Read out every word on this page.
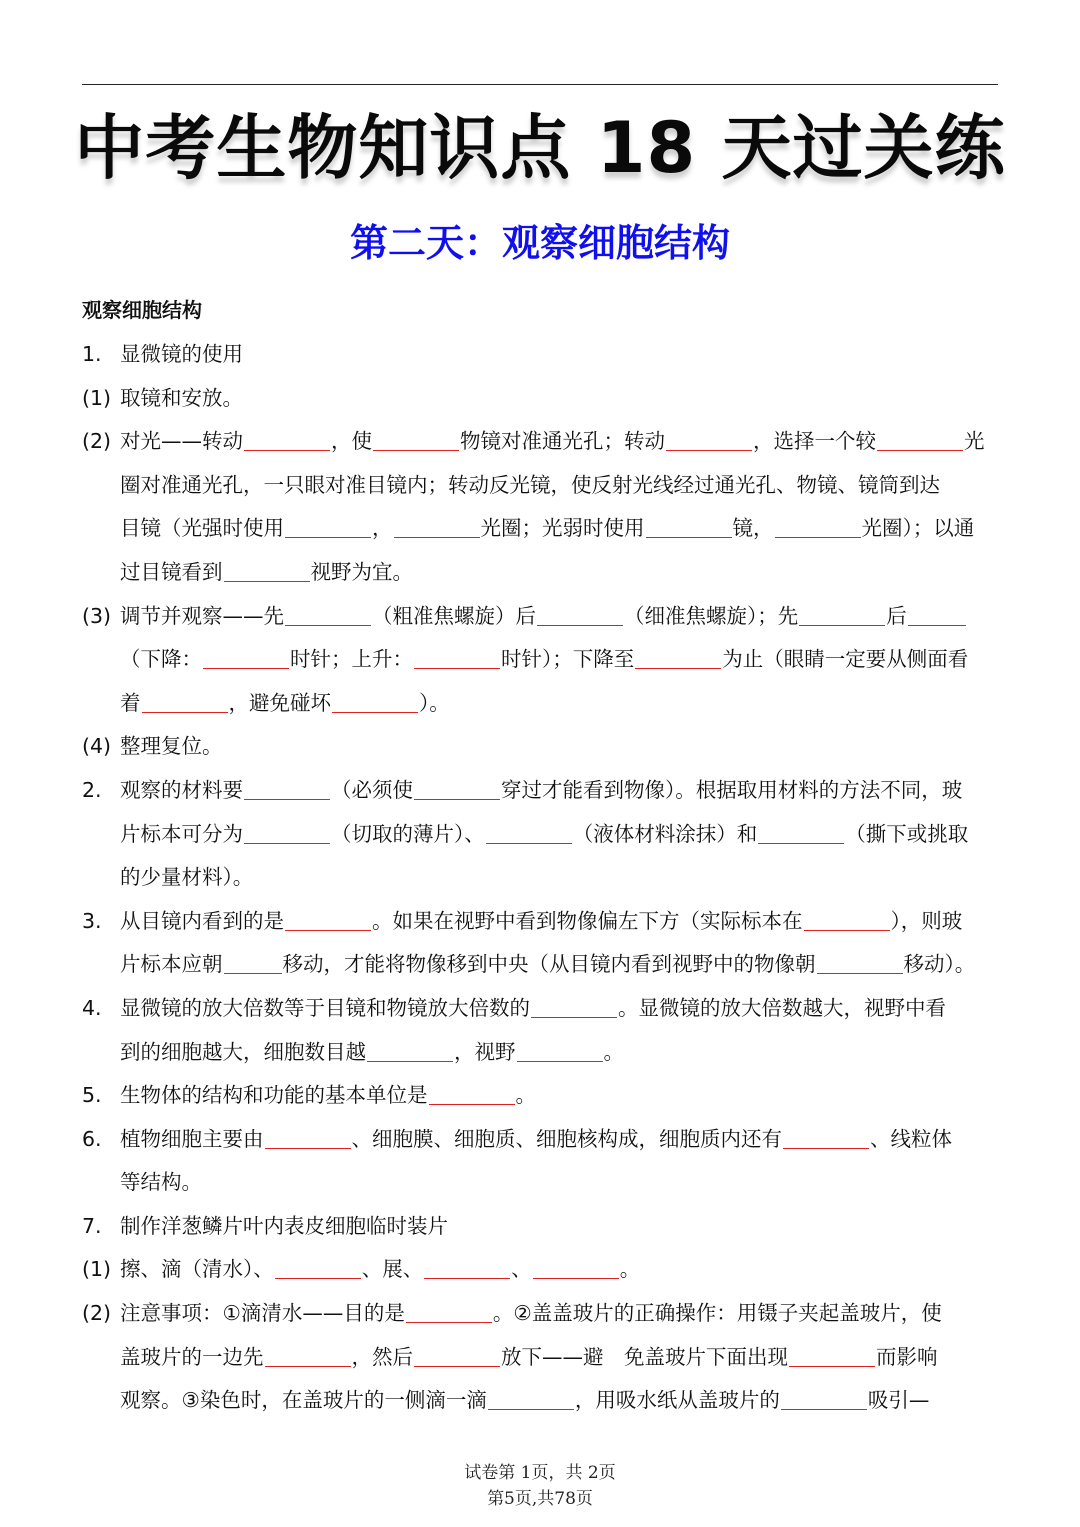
中考生物知识点 18 天过关练
第二天：观察细胞结构
观察细胞结构
1. 显微镜的使用
(1) 取镜和安放。
(2) 对光——转动	，使	物镜对准通光孔；转动	，选择一个较	光
圈对准通光孔，一只眼对准目镜内；转动反光镜，使反射光线经过通光孔、物镜、镜筒到达
目镜（光强时使用	，	光圈；光弱时使用	镜，	光圈）；以通
过目镜看到	视野为宜。
(3) 调节并观察——先	（粗准焦螺旋）后	（细准焦螺旋）；先	后
（下降：	时针；上升：	时针）；下降至	为止（眼睛一定要从侧面看
着	，避免碰坏	）。
(4) 整理复位。
2. 观察的材料要	（必须使	穿过才能看到物像）。根据取用材料的方法不同，玻
片标本可分为	（切取的薄片）、	（液体材料涂抹）和	（撕下或挑取
的少量材料）。
3. 从目镜内看到的是	。如果在视野中看到物像偏左下方（实际标本在	），则玻
片标本应朝	移动，才能将物像移到中央（从目镜内看到视野中的物像朝	移动）。
4. 显微镜的放大倍数等于目镜和物镜放大倍数的	。显微镜的放大倍数越大，视野中看
到的细胞越大，细胞数目越	，视野	。
5. 生物体的结构和功能的基本单位是	。
6. 植物细胞主要由	、细胞膜、细胞质、细胞核构成，细胞质内还有	、线粒体
等结构。
7. 制作洋葱鳞片叶内表皮细胞临时装片
(1) 擦、滴（清水）、	、展、	、	。
(2) 注意事项：①滴清水——目的是	。②盖盖玻片的正确操作：用镊子夹起盖玻片，使
盖玻片的一边先	，然后	放下——避　免盖玻片下面出现	而影响
观察。③染色时，在盖玻片的一侧滴一滴	，用吸水纸从盖玻片的	吸引—
试卷第 1页，共 2页
第5页,共78页
